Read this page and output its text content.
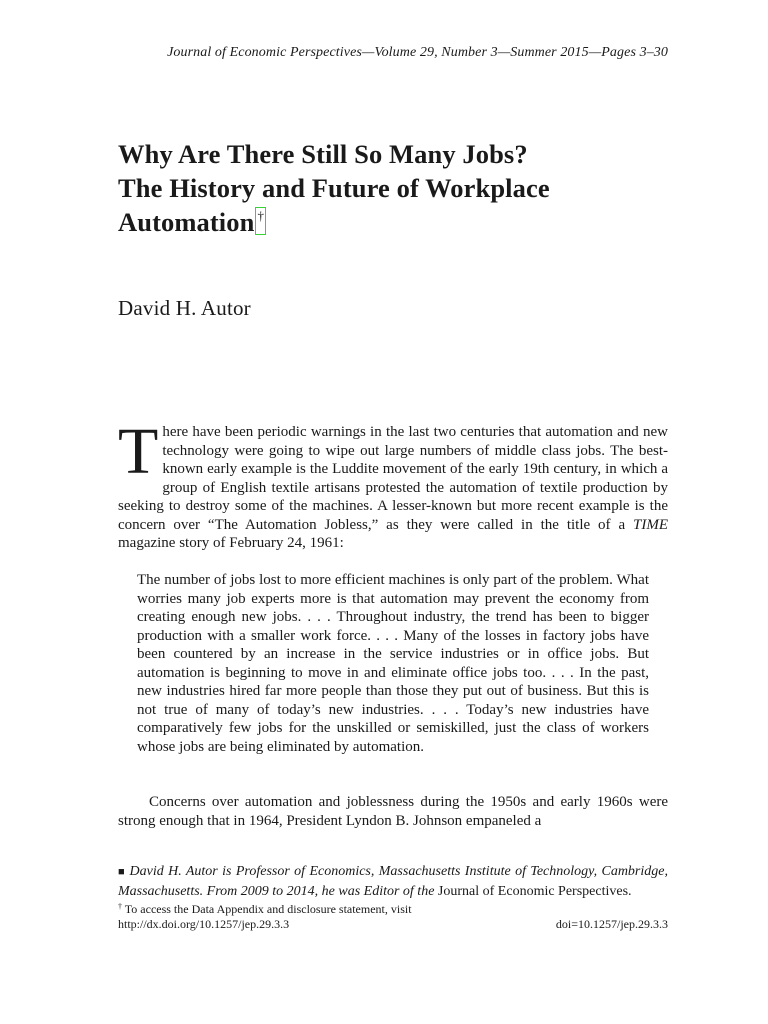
Journal of Economic Perspectives—Volume 29, Number 3—Summer 2015—Pages 3–30
Why Are There Still So Many Jobs?
The History and Future of Workplace
Automation †
David H. Autor

There have been periodic warnings in the last two centuries that automation and new technology were going to wipe out large numbers of middle class jobs. The best-known early example is the Luddite movement of the early 19th century, in which a group of English textile artisans protested the automation of textile production by seeking to destroy some of the machines. A lesser-known but more recent example is the concern over “The Automation Jobless,” as they were called in the title of a TIME magazine story of February 24, 1961:

The number of jobs lost to more efficient machines is only part of the problem. What worries many job experts more is that automation may prevent the economy from creating enough new jobs. . . . Throughout industry, the trend has been to bigger production with a smaller work force. . . . Many of the losses in factory jobs have been countered by an increase in the service industries or in office jobs. But automation is beginning to move in and eliminate office jobs too. . . . In the past, new industries hired far more people than those they put out of business. But this is not true of many of today’s new industries. . . . Today’s new industries have comparatively few jobs for the unskilled or semiskilled, just the class of workers whose jobs are being eliminated by automation.

Concerns over automation and joblessness during the 1950s and early 1960s were strong enough that in 1964, President Lyndon B. Johnson empaneled a

■ David H. Autor is Professor of Economics, Massachusetts Institute of Technology, Cambridge, Massachusetts. From 2009 to 2014, he was Editor of the Journal of Economic Perspectives.
† To access the Data Appendix and disclosure statement, visit
http://dx.doi.org/10.1257/jep.29.3.3	doi=10.1257/jep.29.3.3
